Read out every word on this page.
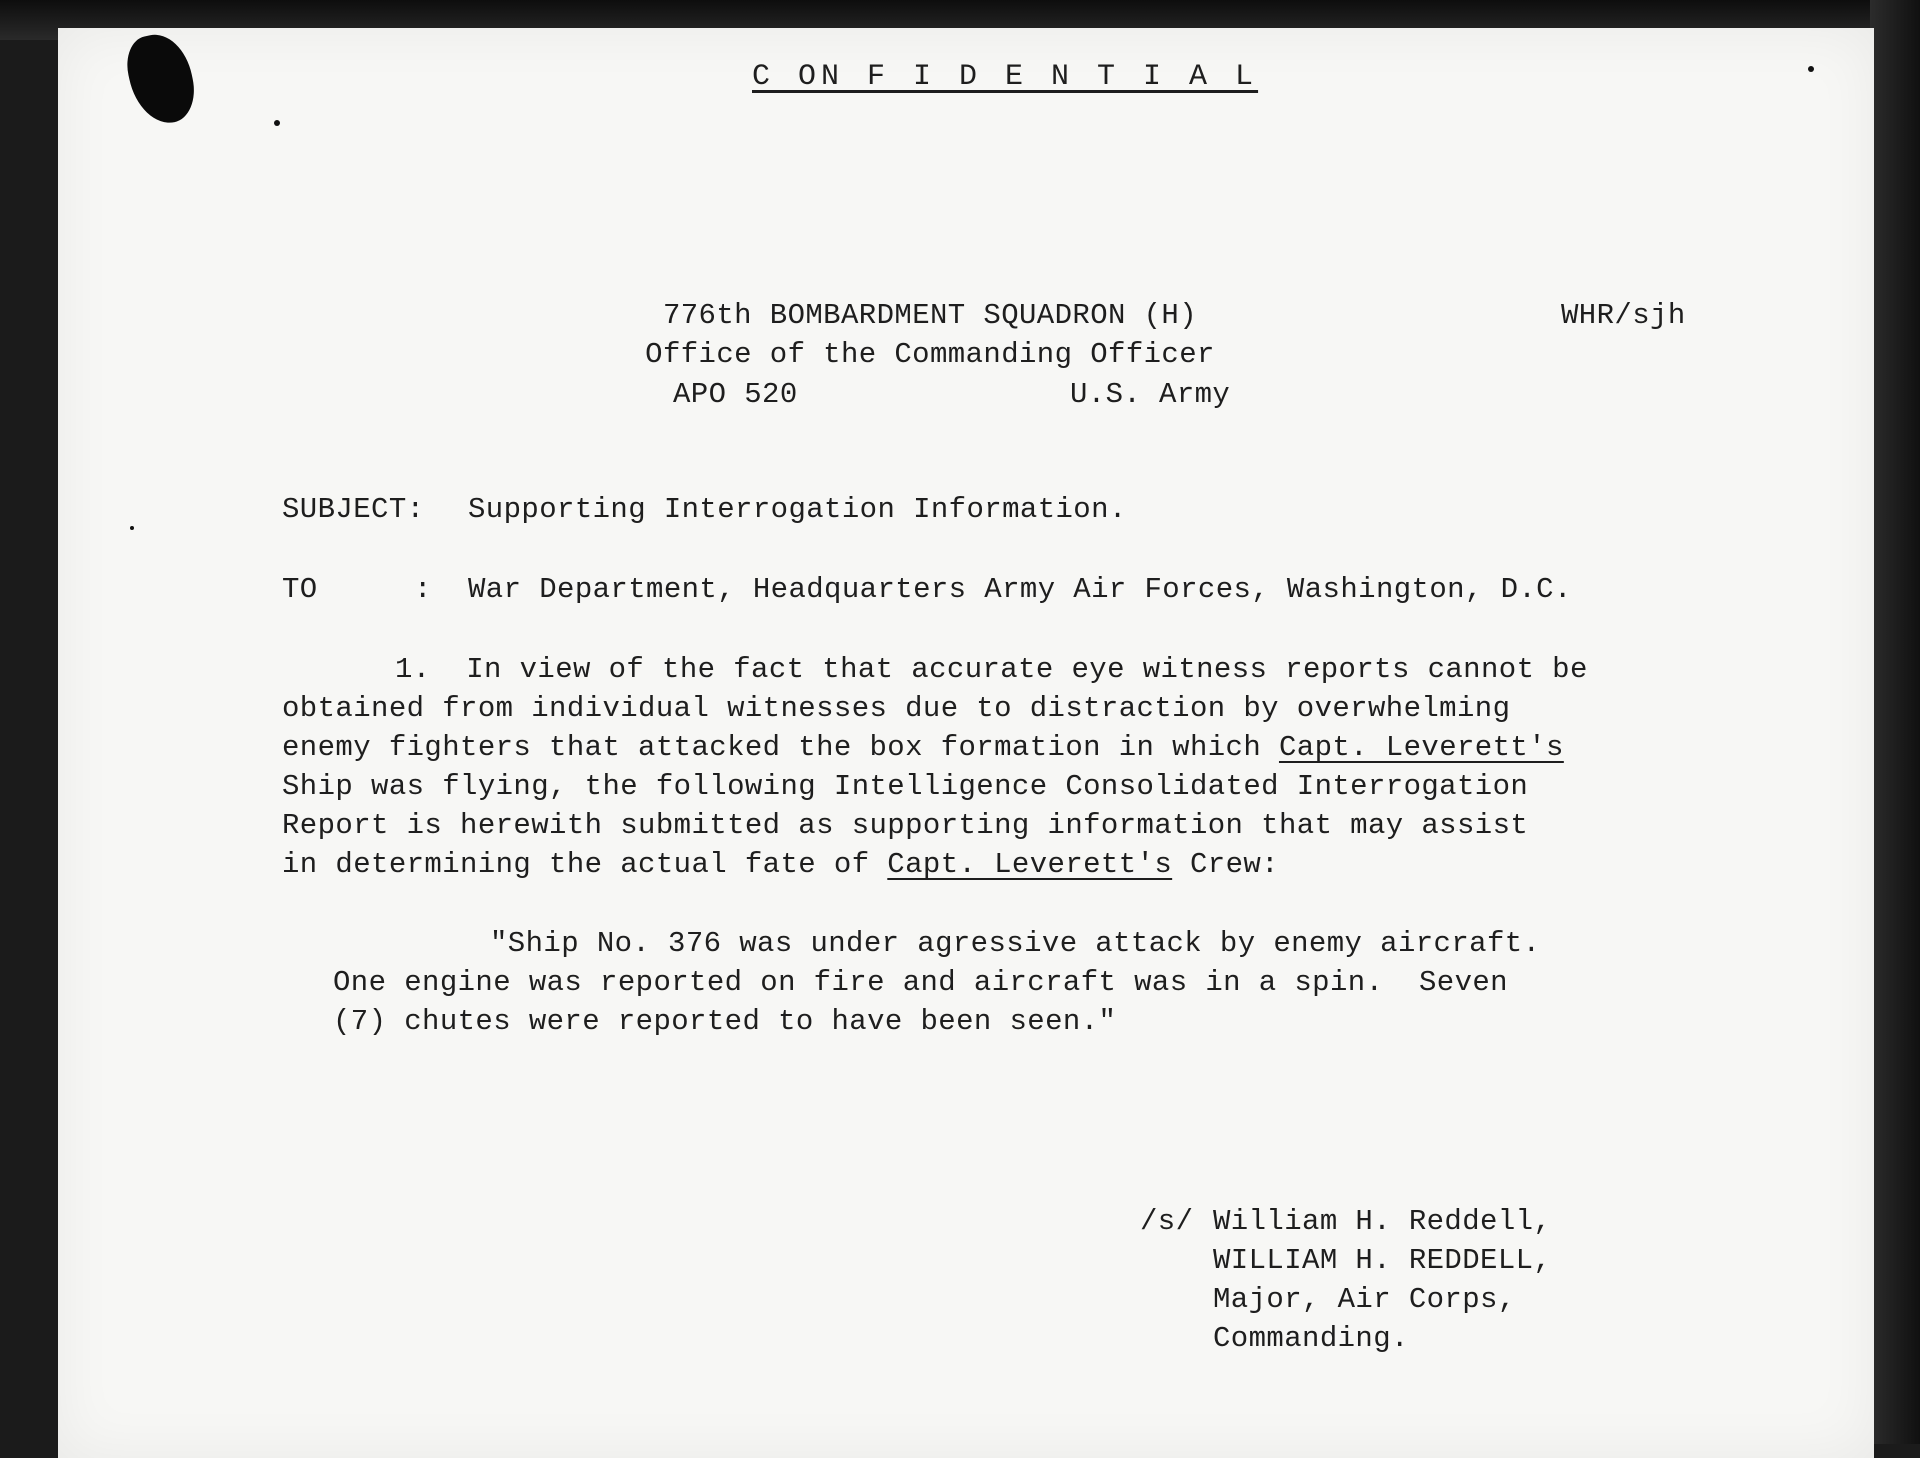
C ON F I D E N T I A L
776th BOMBARDMENT SQUADRON (H)
Office of the Commanding Officer
APO 520	U.S. Army
WHR/sjh
SUBJECT: Supporting Interrogation Information.
TO	: War Department, Headquarters Army Air Forces, Washington, D.C.
1.  In view of the fact that accurate eye witness reports cannot be
obtained from individual witnesses due to distraction by overwhelming
enemy fighters that attacked the box formation in which Capt. Leverett's
Ship was flying, the following Intelligence Consolidated Interrogation
Report is herewith submitted as supporting information that may assist
in determining the actual fate of Capt. Leverett's Crew:
"Ship No. 376 was under agressive attack by enemy aircraft.
One engine was reported on fire and aircraft was in a spin.  Seven
(7) chutes were reported to have been seen."
/s/ William H. Reddell,
WILLIAM H. REDDELL,
Major, Air Corps,
Commanding.
